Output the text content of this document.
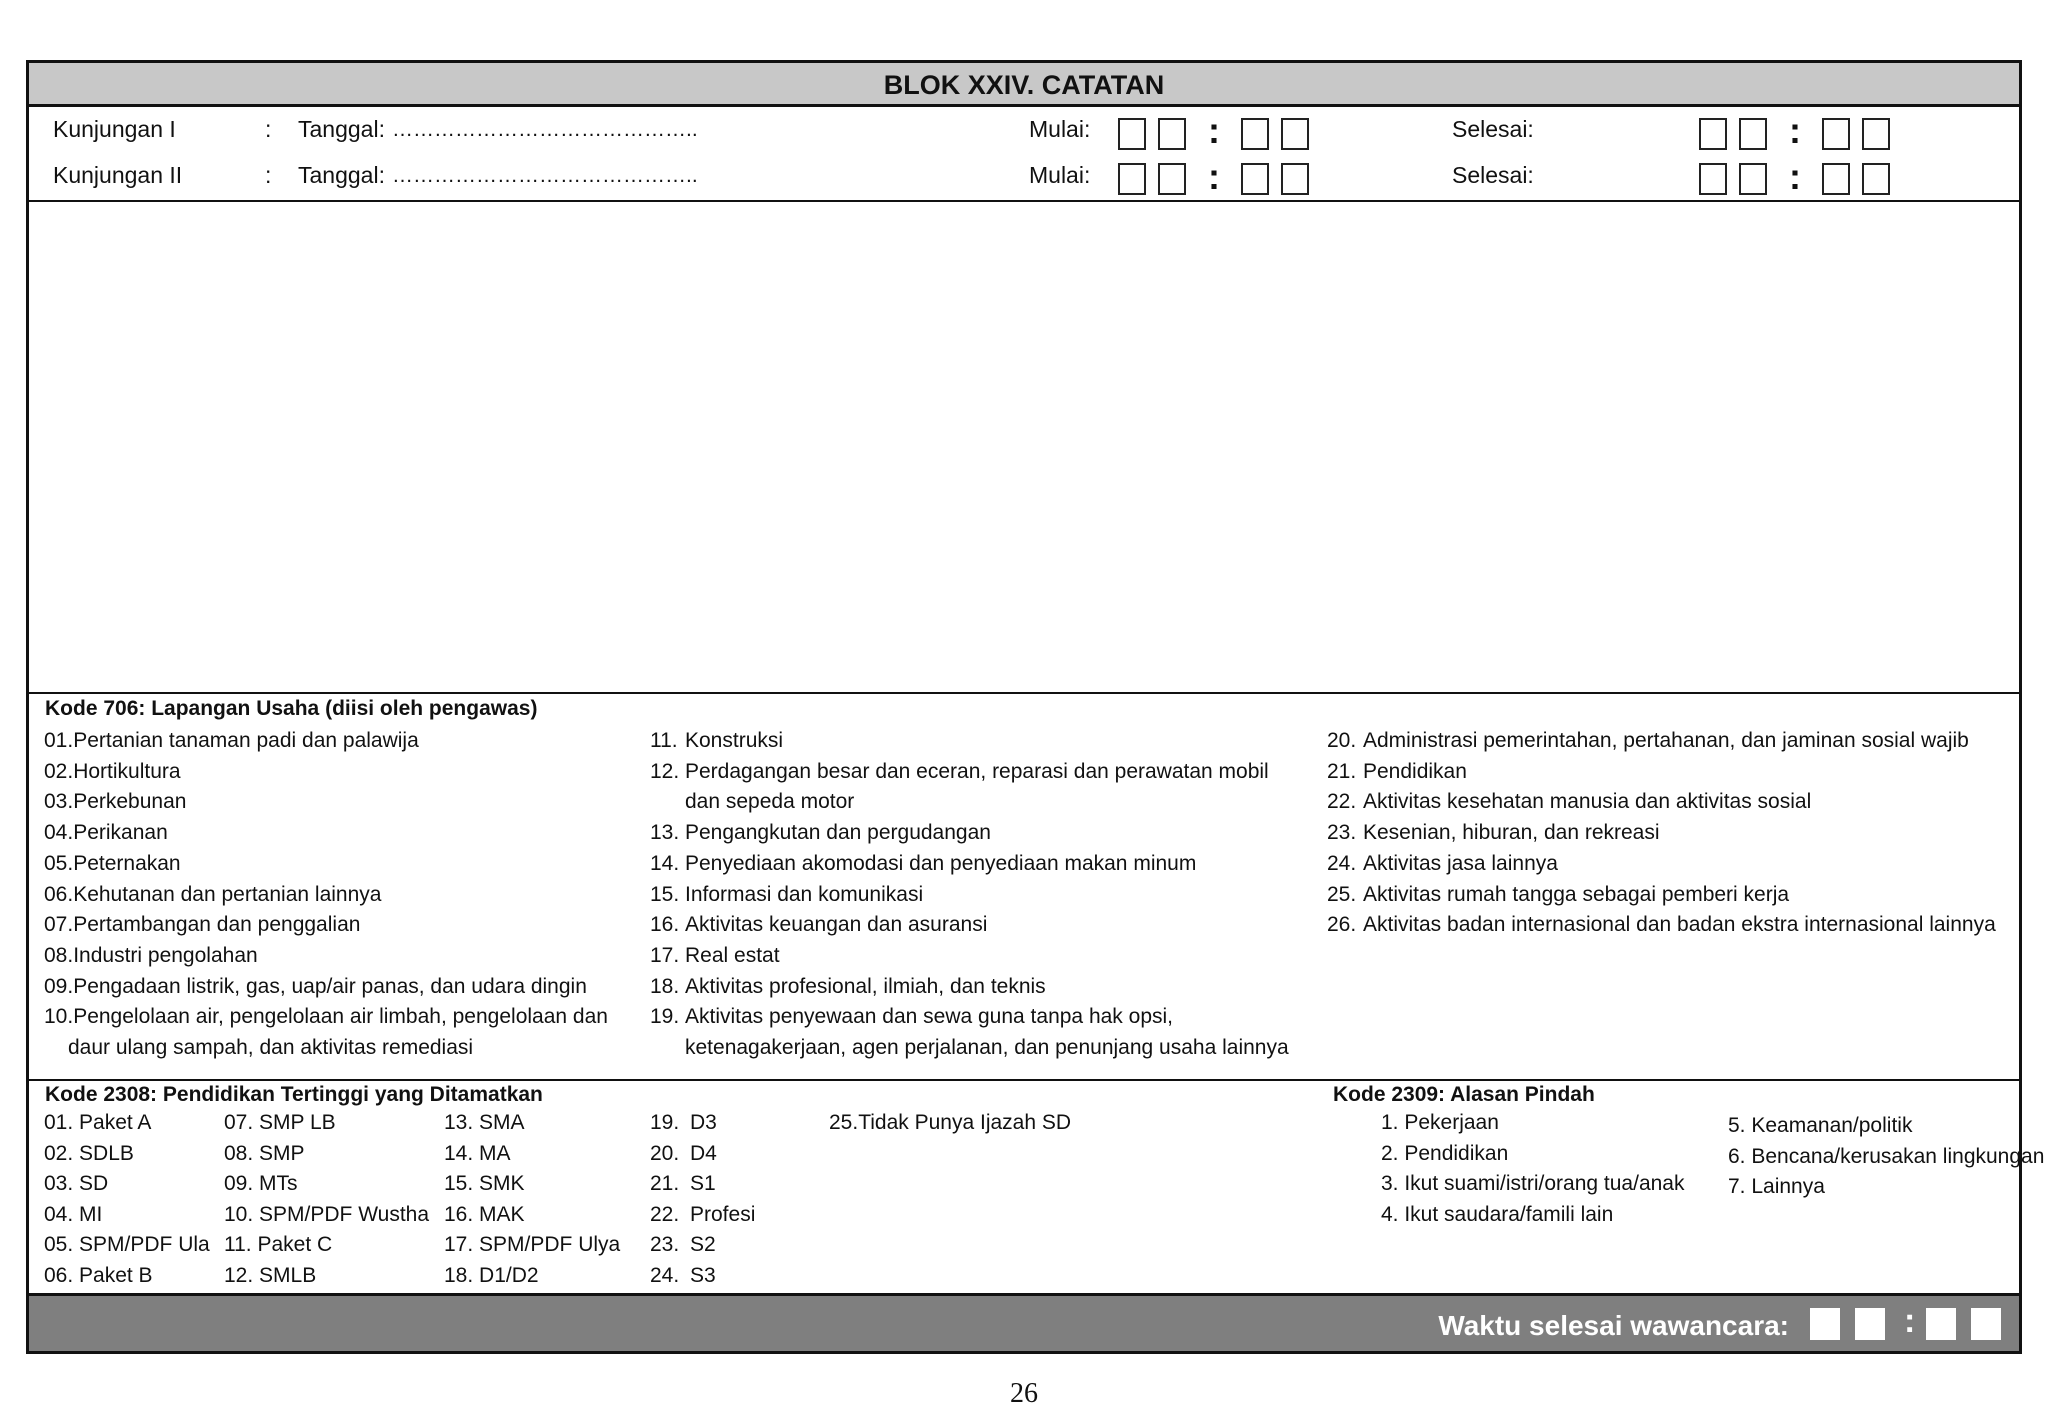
BLOK XXIV. CATATAN
Kunjungan I	: Tanggal: ……………………………………..	Mulai:	:	Selesai:	:
Kunjungan II	: Tanggal: ……………………………………..	Mulai:	:	Selesai:	:
Kode 706: Lapangan Usaha (diisi oleh pengawas)
01.Pertanian tanaman padi dan palawija
02.Hortikultura
03.Perkebunan
04.Perikanan
05.Peternakan
06.Kehutanan dan pertanian lainnya
07.Pertambangan dan penggalian
08.Industri pengolahan
09.Pengadaan listrik, gas, uap/air panas, dan udara dingin
10.Pengelolaan air, pengelolaan air limbah, pengelolaan dan
daur ulang sampah, dan aktivitas remediasi
11. Konstruksi
12. Perdagangan besar dan eceran, reparasi dan perawatan mobil
dan sepeda motor
13. Pengangkutan dan pergudangan
14. Penyediaan akomodasi dan penyediaan makan minum
15. Informasi dan komunikasi
16. Aktivitas keuangan dan asuransi
17. Real estat
18. Aktivitas profesional, ilmiah, dan teknis
19. Aktivitas penyewaan dan sewa guna tanpa hak opsi,
ketenagakerjaan, agen perjalanan, dan penunjang usaha lainnya
20. Administrasi pemerintahan, pertahanan, dan jaminan sosial wajib
21. Pendidikan
22. Aktivitas kesehatan manusia dan aktivitas sosial
23. Kesenian, hiburan, dan rekreasi
24. Aktivitas jasa lainnya
25. Aktivitas rumah tangga sebagai pemberi kerja
26. Aktivitas badan internasional dan badan ekstra internasional lainnya
Kode 2308: Pendidikan Tertinggi yang Ditamatkan
01. Paket A
02. SDLB
03. SD
04. MI
05. SPM/PDF Ula
06. Paket B
07. SMP LB
08. SMP
09. MTs
10. SPM/PDF Wustha
11. Paket C
12. SMLB
13. SMA
14. MA
15. SMK
16. MAK
17. SPM/PDF Ulya
18. D1/D2
19. D3
20. D4
21. S1
22. Profesi
23. S2
24. S3
25.Tidak Punya Ijazah SD
Kode 2309: Alasan Pindah
1. Pekerjaan
2. Pendidikan
3. Ikut suami/istri/orang tua/anak
4. Ikut saudara/famili lain
5. Keamanan/politik
6. Bencana/kerusakan lingkungan
7. Lainnya
Waktu selesai wawancara:	:
26
